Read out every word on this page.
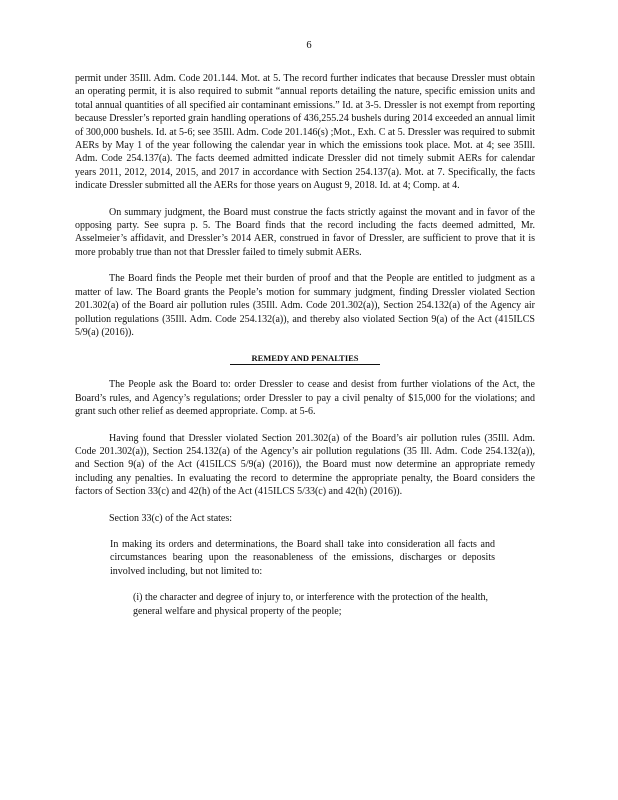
6

permit under 35Ill. Adm. Code 201.144. Mot. at 5. The record further indicates that because Dressler must obtain an operating permit, it is also required to submit “annual reports detailing the nature, specific emission units and total annual quantities of all specified air contaminant emissions.” Id. at 3-5. Dressler is not exempt from reporting because Dressler’s reported grain handling operations of 436,255.24 bushels during 2014 exceeded an annual limit of 300,000 bushels. Id. at 5-6; see 35Ill. Adm. Code 201.146(s) ;Mot., Exh. C at 5. Dressler was required to submit AERs by May 1 of the year following the calendar year in which the emissions took place. Mot. at 4; see 35Ill. Adm. Code 254.137(a). The facts deemed admitted indicate Dressler did not timely submit AERs for calendar years 2011, 2012, 2014, 2015, and 2017 in accordance with Section 254.137(a). Mot. at 7. Specifically, the facts indicate Dressler submitted all the AERs for those years on August 9, 2018. Id. at 4; Comp. at 4.

On summary judgment, the Board must construe the facts strictly against the movant and in favor of the opposing party. See supra p. 5. The Board finds that the record including the facts deemed admitted, Mr. Asselmeier’s affidavit, and Dressler’s 2014 AER, construed in favor of Dressler, are sufficient to prove that it is more probably true than not that Dressler failed to timely submit AERs.

The Board finds the People met their burden of proof and that the People are entitled to judgment as a matter of law. The Board grants the People’s motion for summary judgment, finding Dressler violated Section 201.302(a) of the Board air pollution rules (35Ill. Adm. Code 201.302(a)), Section 254.132(a) of the Agency air pollution regulations (35Ill. Adm. Code 254.132(a)), and thereby also violated Section 9(a) of the Act (415ILCS 5/9(a) (2016)).

REMEDY AND PENALTIES

The People ask the Board to: order Dressler to cease and desist from further violations of the Act, the Board’s rules, and Agency’s regulations; order Dressler to pay a civil penalty of $15,000 for the violations; and grant such other relief as deemed appropriate. Comp. at 5-6.

Having found that Dressler violated Section 201.302(a) of the Board’s air pollution rules (35Ill. Adm. Code 201.302(a)), Section 254.132(a) of the Agency’s air pollution regulations (35 Ill. Adm. Code 254.132(a)), and Section 9(a) of the Act (415ILCS 5/9(a) (2016)), the Board must now determine an appropriate remedy including any penalties. In evaluating the record to determine the appropriate penalty, the Board considers the factors of Section 33(c) and 42(h) of the Act (415ILCS 5/33(c) and 42(h) (2016)).

Section 33(c) of the Act states:

In making its orders and determinations, the Board shall take into consideration all facts and circumstances bearing upon the reasonableness of the emissions, discharges or deposits involved including, but not limited to:

(i) the character and degree of injury to, or interference with the protection of the health, general welfare and physical property of the people;
